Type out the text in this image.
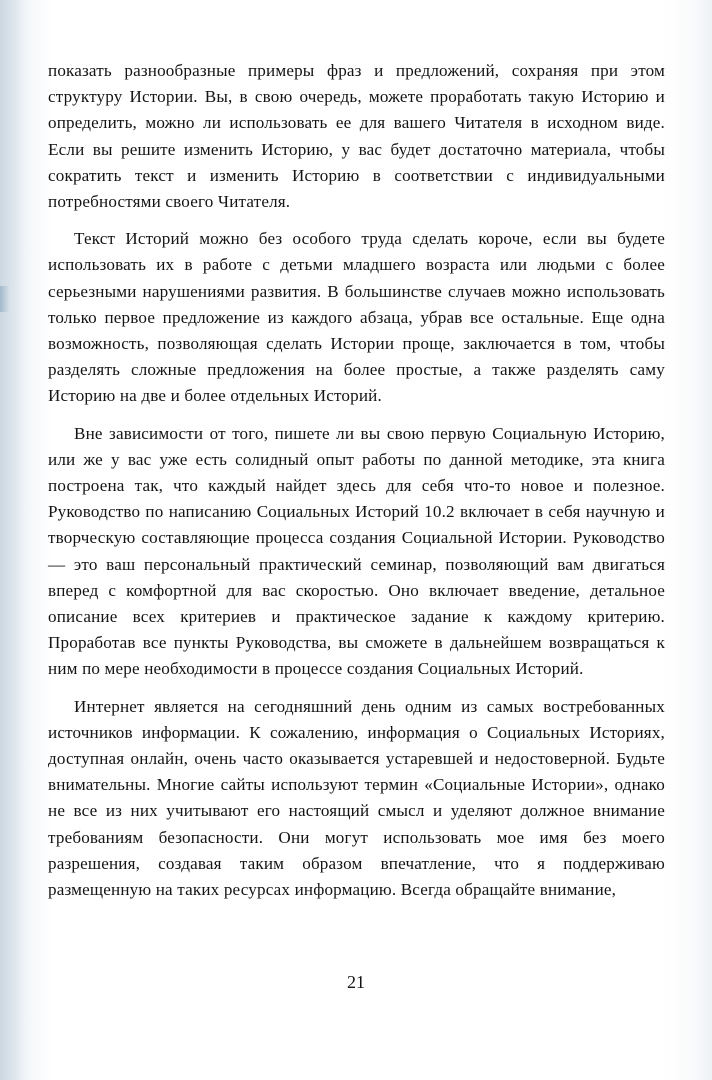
показать разнообразные примеры фраз и предложений, сохраняя при этом структуру Истории. Вы, в свою очередь, можете проработать такую Историю и определить, можно ли использовать ее для вашего Читателя в исходном виде. Если вы решите изменить Историю, у вас будет достаточно материала, чтобы сократить текст и изменить Историю в соответствии с индивидуальными потребностями своего Читателя.

Текст Историй можно без особого труда сделать короче, если вы будете использовать их в работе с детьми младшего возраста или людьми с более серьезными нарушениями развития. В большинстве случаев можно использовать только первое предложение из каждого абзаца, убрав все остальные. Еще одна возможность, позволяющая сделать Истории проще, заключается в том, чтобы разделять сложные предложения на более простые, а также разделять саму Историю на две и более отдельных Историй.

Вне зависимости от того, пишете ли вы свою первую Социальную Историю, или же у вас уже есть солидный опыт работы по данной методике, эта книга построена так, что каждый найдет здесь для себя что-то новое и полезное. Руководство по написанию Социальных Историй 10.2 включает в себя научную и творческую составляющие процесса создания Социальной Истории. Руководство — это ваш персональный практический семинар, позволяющий вам двигаться вперед с комфортной для вас скоростью. Оно включает введение, детальное описание всех критериев и практическое задание к каждому критерию. Проработав все пункты Руководства, вы сможете в дальнейшем возвращаться к ним по мере необходимости в процессе создания Социальных Историй.

Интернет является на сегодняшний день одним из самых востребованных источников информации. К сожалению, информация о Социальных Историях, доступная онлайн, очень часто оказывается устаревшей и недостоверной. Будьте внимательны. Многие сайты используют термин «Социальные Истории», однако не все из них учитывают его настоящий смысл и уделяют должное внимание требованиям безопасности. Они могут использовать мое имя без моего разрешения, создавая таким образом впечатление, что я поддерживаю размещенную на таких ресурсах информацию. Всегда обращайте внимание,

21
